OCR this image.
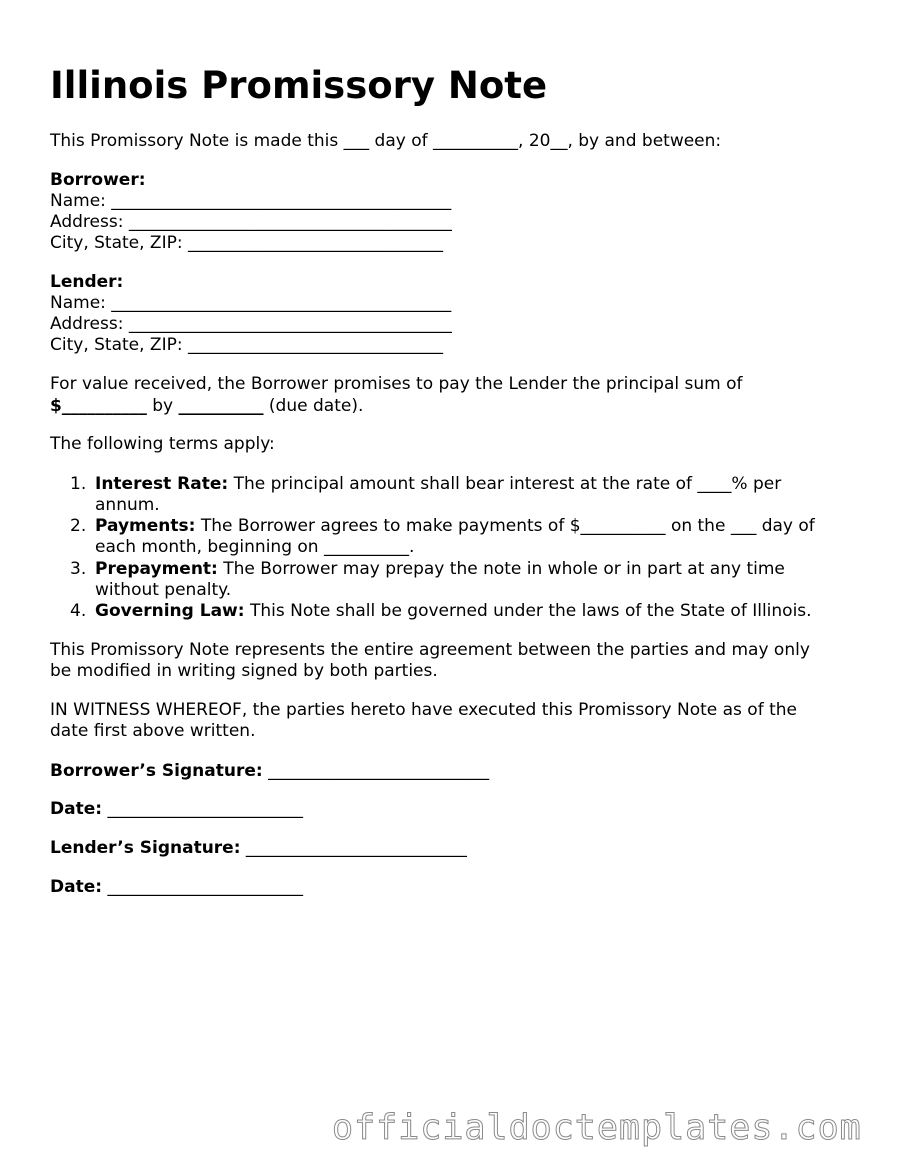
Illinois Promissory Note

This Promissory Note is made this ___ day of __________, 20__, by and between:

Borrower:

Name: ________________________________________

Address: ______________________________________

City, State, ZIP: ______________________________

Lender:

Name: ________________________________________

Address: ______________________________________

City, State, ZIP: ______________________________

For value received, the Borrower promises to pay the Lender the principal sum of

$__________ by __________ (due date).

The following terms apply:

1. Interest Rate: The principal amount shall bear interest at the rate of ____% per
annum.
2. Payments: The Borrower agrees to make payments of $__________ on the ___ day of
each month, beginning on __________.
3. Prepayment: The Borrower may prepay the note in whole or in part at any time
without penalty.
4. Governing Law: This Note shall be governed under the laws of the State of Illinois.

This Promissory Note represents the entire agreement between the parties and may only

be modified in writing signed by both parties.

IN WITNESS WHEREOF, the parties hereto have executed this Promissory Note as of the

date first above written.

Borrower’s Signature: __________________________

Date: _______________________

Lender’s Signature: __________________________

Date: _______________________

officialdoctemplates.com
